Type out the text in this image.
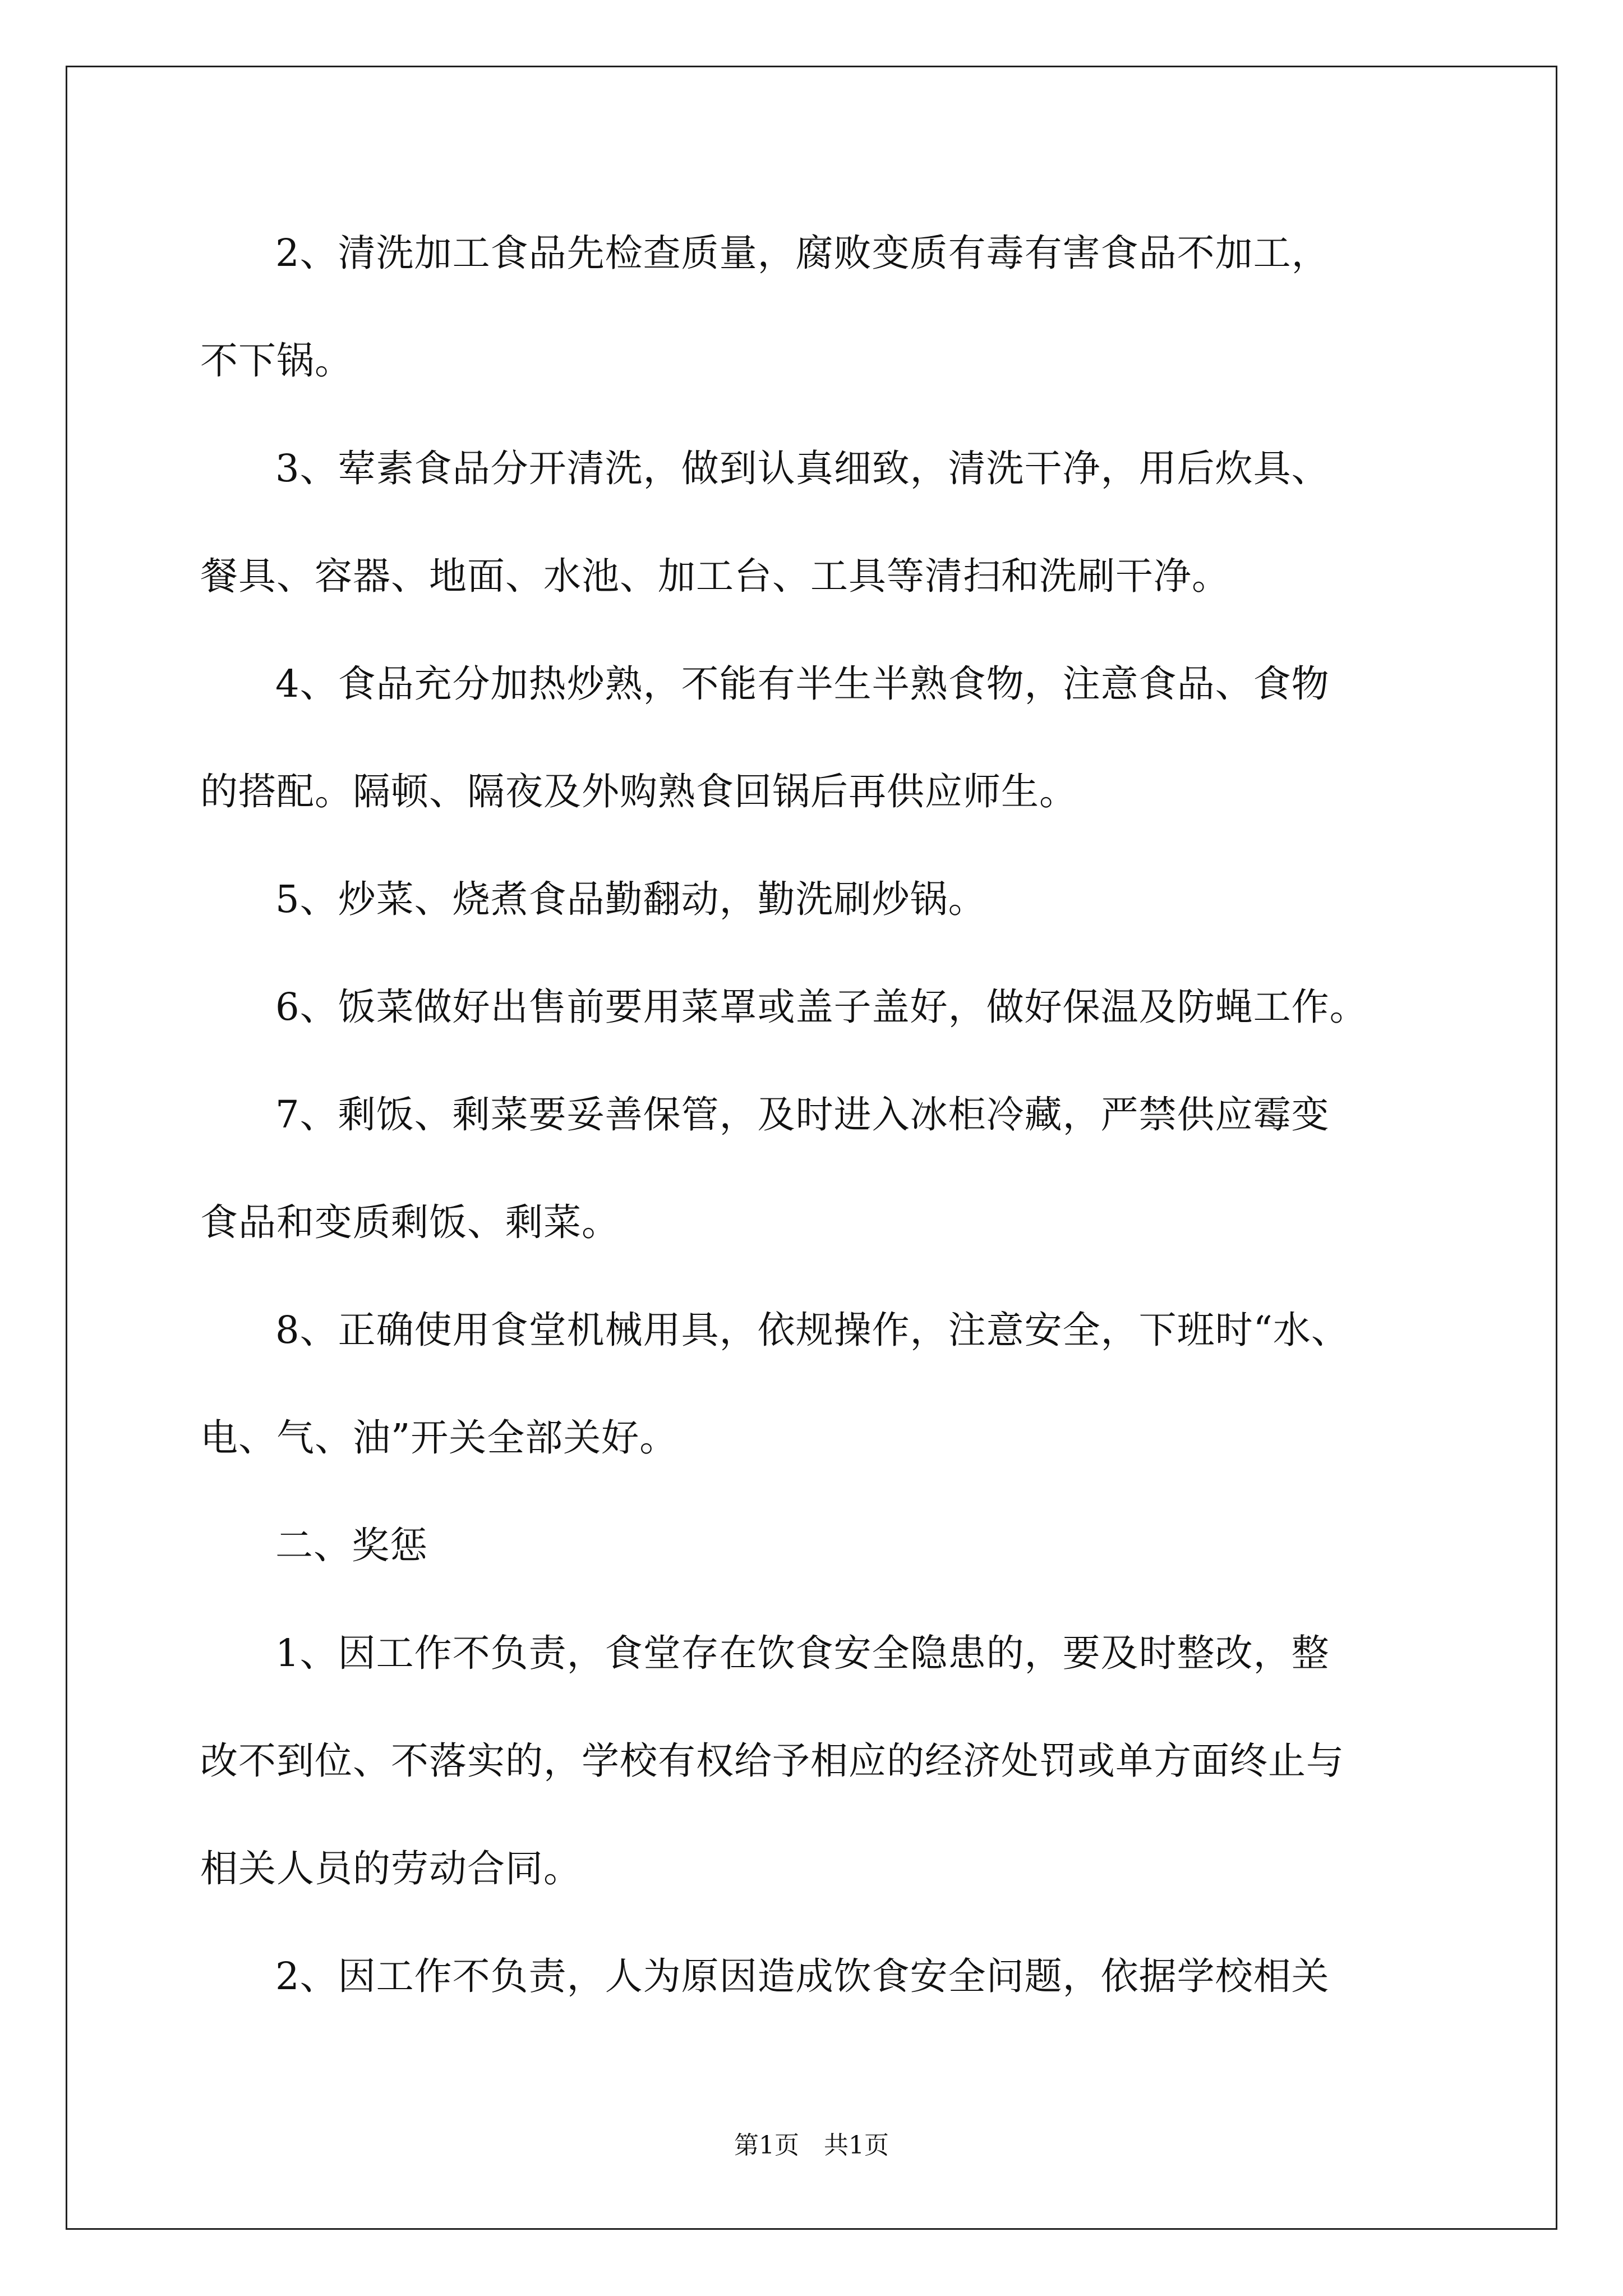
2、清洗加工食品先检查质量，腐败变质有毒有害食品不加工，
不下锅。
3、荤素食品分开清洗，做到认真细致，清洗干净，用后炊具、
餐具、容器、地面、水池、加工台、工具等清扫和洗刷干净。
4、食品充分加热炒熟，不能有半生半熟食物，注意食品、食物
的搭配。隔顿、隔夜及外购熟食回锅后再供应师生。
5、炒菜、烧煮食品勤翻动，勤洗刷炒锅。
6、饭菜做好出售前要用菜罩或盖子盖好，做好保温及防蝇工作。
7、剩饭、剩菜要妥善保管，及时进入冰柜冷藏，严禁供应霉变
食品和变质剩饭、剩菜。
8、正确使用食堂机械用具，依规操作，注意安全，下班时“水、
电、气、油”开关全部关好。
二、奖惩
1、因工作不负责，食堂存在饮食安全隐患的，要及时整改，整
改不到位、不落实的，学校有权给予相应的经济处罚或单方面终止与
相关人员的劳动合同。
2、因工作不负责，人为原因造成饮食安全问题，依据学校相关
第1页　共1页
